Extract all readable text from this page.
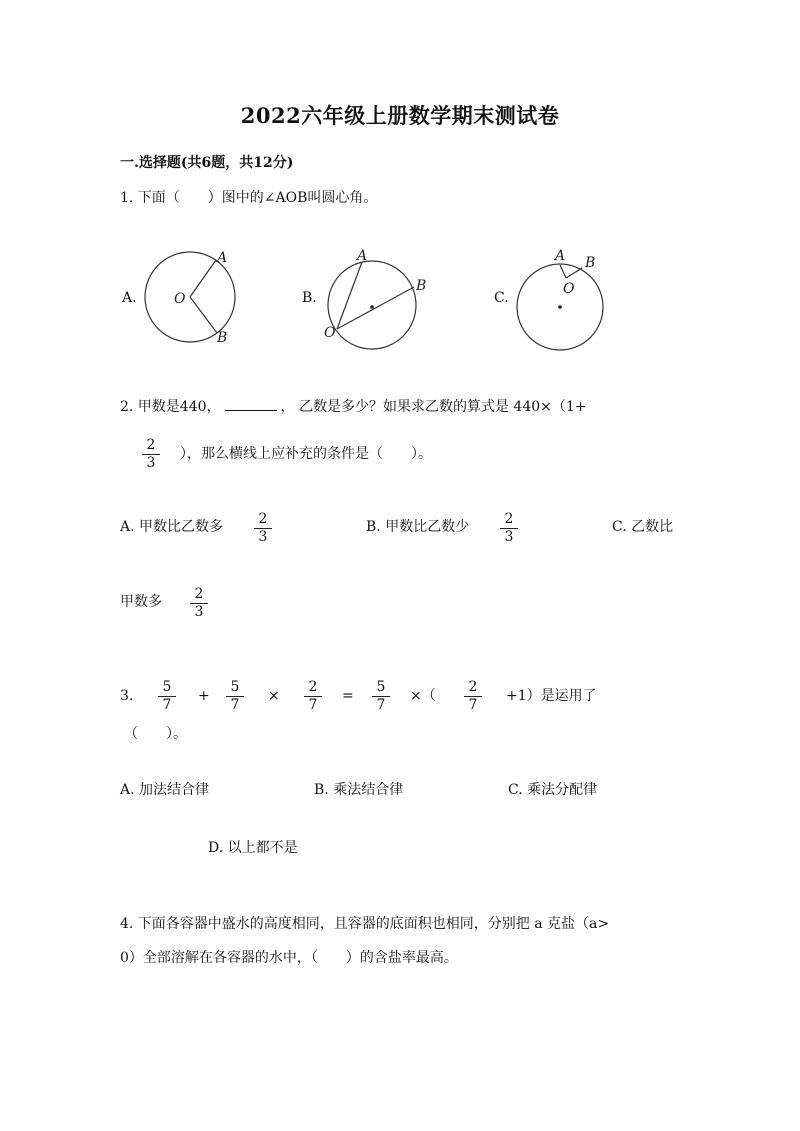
2022六年级上册数学期末测试卷
一.选择题(共6题，共12分)
1. 下面（　　）图中的∠AOB叫圆心角。
A.	O
A
B
B.
A
B
O
C.
A B
O
2. 甲数是440，	， 乙数是多少？如果求乙数的算式是 440×（1+
$\frac{2}{3}$ ），那么横线上应补充的条件是（　　）。
A. 甲数比乙数多 $\frac{2}{3}$	B. 甲数比乙数少 $\frac{2}{3}$	C. 乙数比
甲数多 $\frac{2}{3}$
3. $\frac{5}{7} + \frac{5}{7} \times \frac{2}{7} = \frac{5}{7}$ ×（ $\frac{2}{7} +1$）是运用了
（　　）。
A. 加法结合律	B. 乘法结合律	C. 乘法分配律
D. 以上都不是
4. 下面各容器中盛水的高度相同，且容器的底面积也相同，分别把 a 克盐（a>
0）全部溶解在各容器的水中，（　　）的含盐率最高。
